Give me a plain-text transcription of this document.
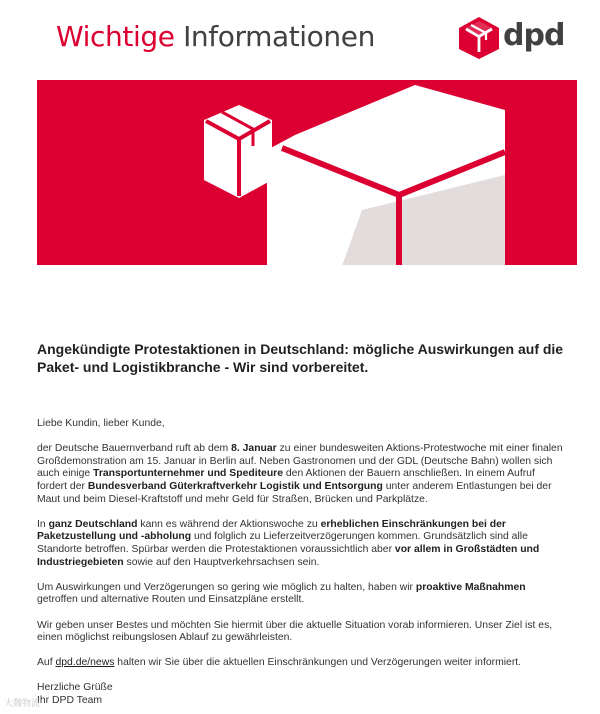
Wichtige Informationen	dpd
Angekündigte Protestaktionen in Deutschland: mögliche Auswirkungen auf die Paket- und Logistikbranche - Wir sind vorbereitet.

Liebe Kundin, lieber Kunde,

der Deutsche Bauernverband ruft ab dem 8. Januar zu einer bundesweiten Aktions-Protestwoche mit einer finalen Großdemonstration am 15. Januar in Berlin auf. Neben Gastronomen und der GDL (Deutsche Bahn) wollen sich auch einige Transportunternehmer und Spediteure den Aktionen der Bauern anschließen. In einem Aufruf fordert der Bundesverband Güterkraftverkehr Logistik und Entsorgung unter anderem Entlastungen bei der Maut und beim Diesel-Kraftstoff und mehr Geld für Straßen, Brücken und Parkplätze.

In ganz Deutschland kann es während der Aktionswoche zu erheblichen Einschränkungen bei der Paketzustellung und -abholung und folglich zu Lieferzeitverzögerungen kommen. Grundsätzlich sind alle Standorte betroffen. Spürbar werden die Protestaktionen voraussichtlich aber vor allem in Großstädten und Industriegebieten sowie auf den Hauptverkehrsachsen sein.

Um Auswirkungen und Verzögerungen so gering wie möglich zu halten, haben wir proaktive Maßnahmen getroffen und alternative Routen und Einsatzpläne erstellt.

Wir geben unser Bestes und möchten Sie hiermit über die aktuelle Situation vorab informieren. Unser Ziel ist es, einen möglichst reibungslosen Ablauf zu gewährleisten.

Auf dpd.de/news halten wir Sie über die aktuellen Einschränkungen und Verzögerungen weiter informiert.

Herzliche Grüße
Ihr DPD Team

大魏物流
